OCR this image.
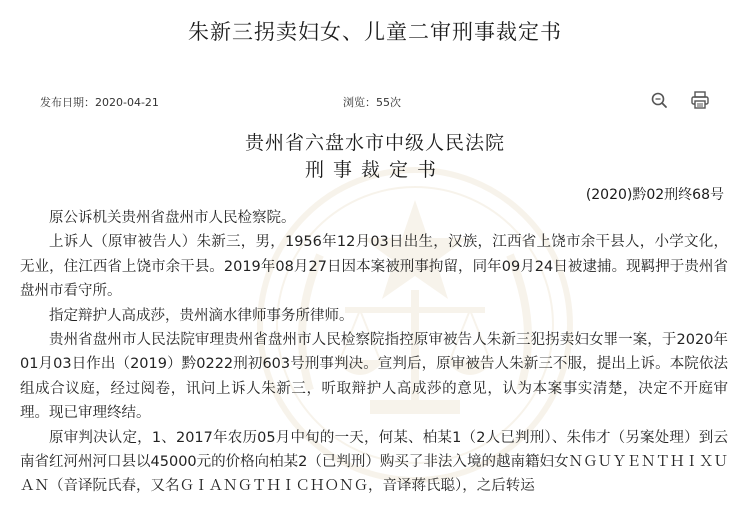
朱新三拐卖妇女、儿童二审刑事裁定书
发布日期：2020-04-21	浏览：55次
贵州省六盘水市中级人民法院
刑事裁定书
(2020)黔02刑终68号

原公诉机关贵州省盘州市人民检察院。

上诉人（原审被告人）朱新三，男，1956年12月03日出生，汉族，江西省上饶市余干县人，小学文化，无业，住江西省上饶市余干县。2019年08月27日因本案被刑事拘留，同年09月24日被逮捕。现羁押于贵州省盘州市看守所。

指定辩护人高成莎，贵州滴水律师事务所律师。

贵州省盘州市人民法院审理贵州省盘州市人民检察院指控原审被告人朱新三犯拐卖妇女罪一案，于2020年01月03日作出（2019）黔0222刑初603号刑事判决。宣判后，原审被告人朱新三不服，提出上诉。本院依法组成合议庭，经过阅卷，讯问上诉人朱新三，听取辩护人高成莎的意见，认为本案事实清楚，决定不开庭审理。现已审理终结。

原审判决认定，1、2017年农历05月中旬的一天，何某、柏某1（2人已判刑）、朱伟才（另案处理）到云南省红河州河口县以45000元的价格向柏某2（已判刑）购买了非法入境的越南籍妇女ＮＧＵＹＥＮＴＨＩＸＵＡＮ（音译阮氏春，又名ＧＩＡＮＧＴＨＩＣＨＯＮＧ，音译蒋氏聪），之后转运
